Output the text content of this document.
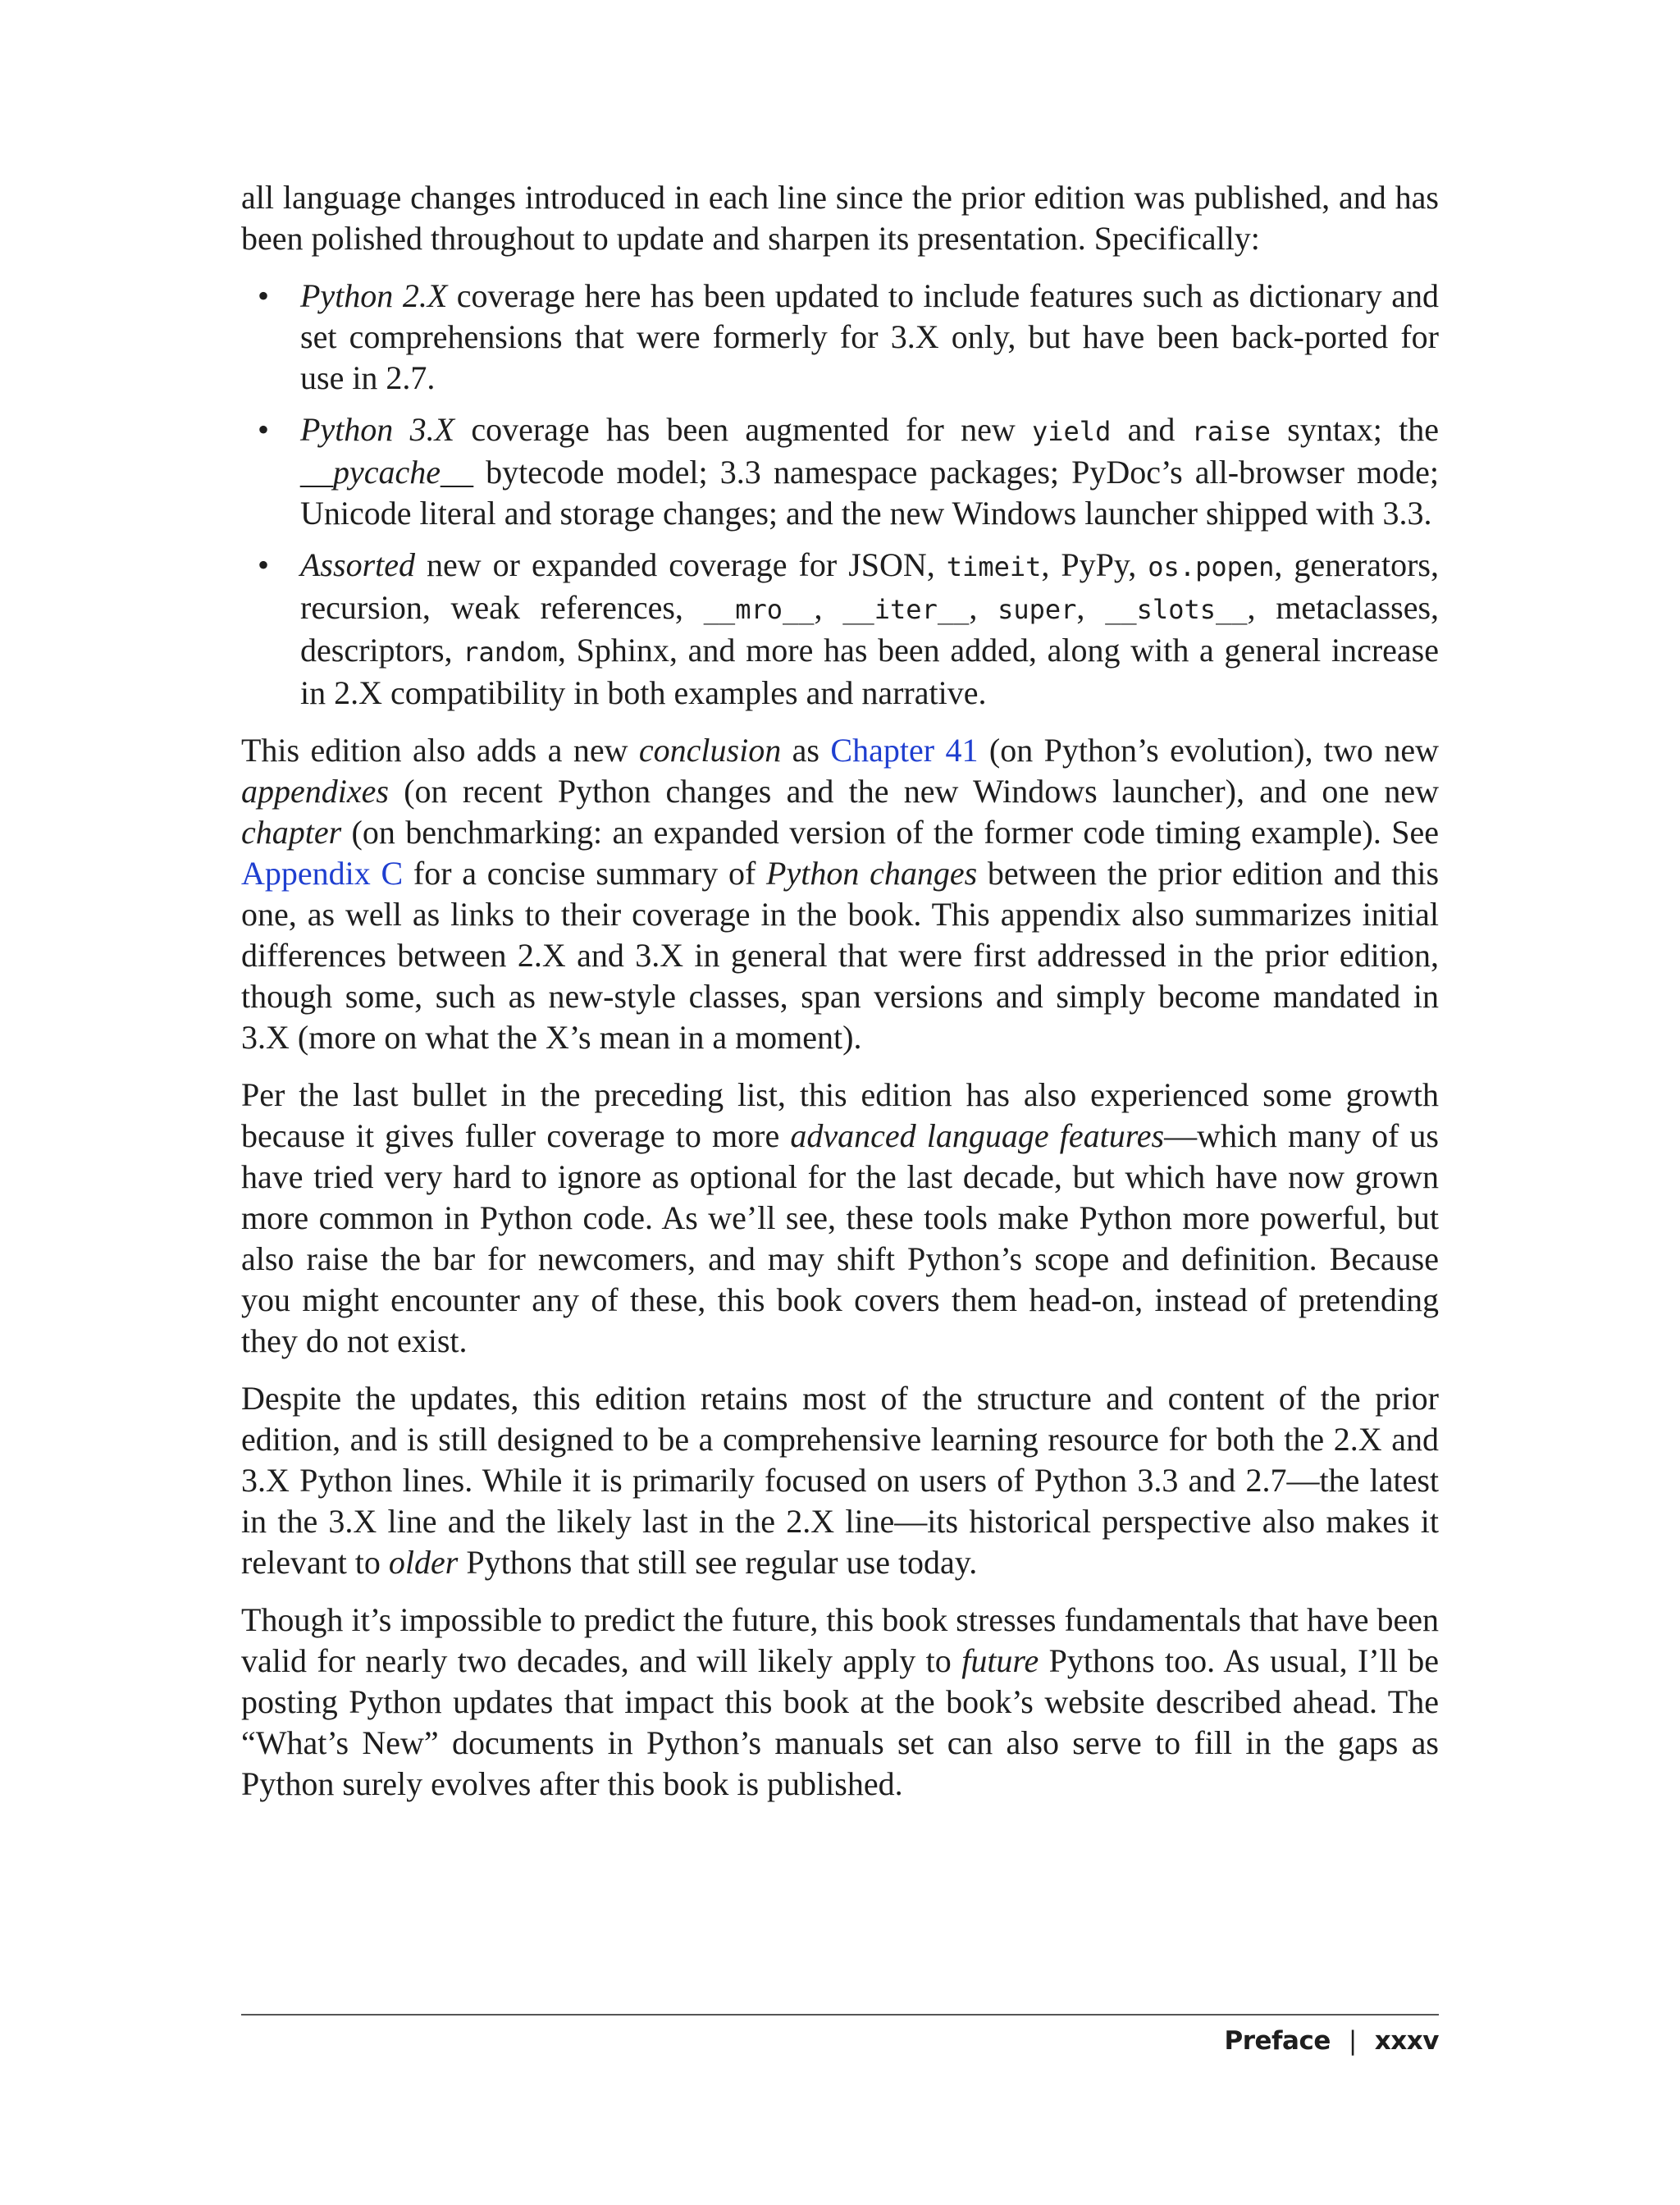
all language changes introduced in each line since the prior edition was published, and has been polished throughout to update and sharpen its presentation. Specifically:

• Python 2.X coverage here has been updated to include features such as dictionary and set comprehensions that were formerly for 3.X only, but have been back-ported for use in 2.7.
• Python 3.X coverage has been augmented for new yield and raise syntax; the __pycache__ bytecode model; 3.3 namespace packages; PyDoc’s all-browser mode; Unicode literal and storage changes; and the new Windows launcher shipped with 3.3.
• Assorted new or expanded coverage for JSON, timeit, PyPy, os.popen, generators, recursion, weak references, __mro__, __iter__, super, __slots__, metaclasses, descriptors, random, Sphinx, and more has been added, along with a general increase in 2.X compatibility in both examples and narrative.

This edition also adds a new conclusion as Chapter 41 (on Python’s evolution), two new appendixes (on recent Python changes and the new Windows launcher), and one new chapter (on benchmarking: an expanded version of the former code timing example). See Appendix C for a concise summary of Python changes between the prior edition and this one, as well as links to their coverage in the book. This appendix also summarizes initial differences between 2.X and 3.X in general that were first addressed in the prior edition, though some, such as new-style classes, span versions and simply become mandated in 3.X (more on what the X’s mean in a moment).

Per the last bullet in the preceding list, this edition has also experienced some growth because it gives fuller coverage to more advanced language features—which many of us have tried very hard to ignore as optional for the last decade, but which have now grown more common in Python code. As we’ll see, these tools make Python more powerful, but also raise the bar for newcomers, and may shift Python’s scope and definition. Because you might encounter any of these, this book covers them head-on, instead of pretending they do not exist.

Despite the updates, this edition retains most of the structure and content of the prior edition, and is still designed to be a comprehensive learning resource for both the 2.X and 3.X Python lines. While it is primarily focused on users of Python 3.3 and 2.7—the latest in the 3.X line and the likely last in the 2.X line—its historical perspective also makes it relevant to older Pythons that still see regular use today.

Though it’s impossible to predict the future, this book stresses fundamentals that have been valid for nearly two decades, and will likely apply to future Pythons too. As usual, I’ll be posting Python updates that impact this book at the book’s website described ahead. The “What’s New” documents in Python’s manuals set can also serve to fill in the gaps as Python surely evolves after this book is published.

Preface | xxxv
